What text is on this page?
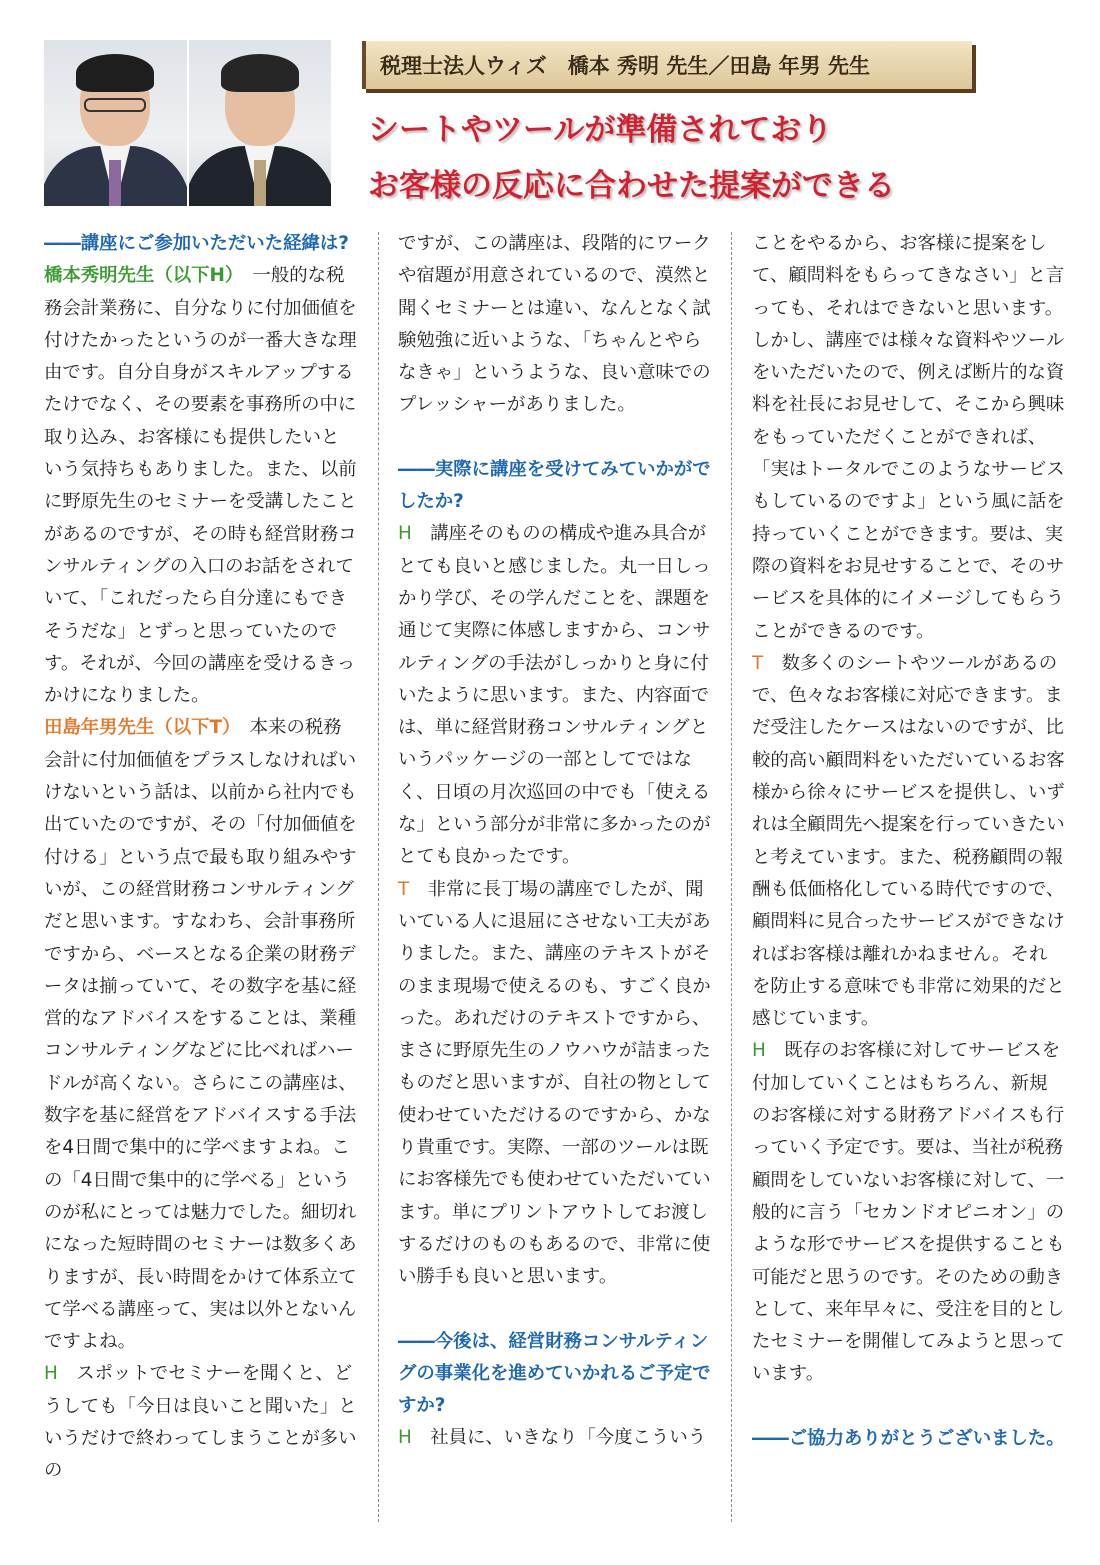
税理士法人ウィズ　橋本 秀明 先生／田島 年男 先生
シートやツールが準備されており
お客様の反応に合わせた提案ができる

――講座にご参加いただいた経緯は?

橋本秀明先生（以下H）　一般的な税務会計業務に、自分なりに付加価値を付けたかったというのが一番大きな理由です。自分自身がスキルアップするたけでなく、その要素を事務所の中に取り込み、お客様にも提供したいという気持ちもありました。また、以前に野原先生のセミナーを受講したことがあるのですが、その時も経営財務コンサルティングの入口のお話をされていて、「これだったら自分達にもできそうだな」とずっと思っていたのです。それが、今回の講座を受けるきっかけになりました。

田島年男先生（以下T）　本来の税務会計に付加価値をプラスしなければいけないという話は、以前から社内でも出ていたのですが、その「付加価値を付ける」という点で最も取り組みやすいが、この経営財務コンサルティングだと思います。すなわち、会計事務所ですから、ベースとなる企業の財務データは揃っていて、その数字を基に経営的なアドバイスをすることは、業種コンサルティングなどに比べればハードルが高くない。さらにこの講座は、数字を基に経営をアドバイスする手法を4日間で集中的に学べますよね。この「4日間で集中的に学べる」というのが私にとっては魅力でした。細切れになった短時間のセミナーは数多くありますが、長い時間をかけて体系立てて学べる講座って、実は以外とないんですよね。

H　スポットでセミナーを聞くと、どうしても「今日は良いこと聞いた」というだけで終わってしまうことが多いの

ですが、この講座は、段階的にワークや宿題が用意されているので、漠然と聞くセミナーとは違い、なんとなく試験勉強に近いような、「ちゃんとやらなきゃ」というような、良い意味でのプレッシャーがありました。

――実際に講座を受けてみていかがでしたか?

H　講座そのものの構成や進み具合がとても良いと感じました。丸一日しっかり学び、その学んだことを、課題を通じて実際に体感しますから、コンサルティングの手法がしっかりと身に付いたように思います。また、内容面では、単に経営財務コンサルティングというパッケージの一部としてではなく、日頃の月次巡回の中でも「使えるな」という部分が非常に多かったのがとても良かったです。

T　非常に長丁場の講座でしたが、聞いている人に退屈にさせない工夫がありました。また、講座のテキストがそのまま現場で使えるのも、すごく良かった。あれだけのテキストですから、まさに野原先生のノウハウが詰まったものだと思いますが、自社の物として使わせていただけるのですから、かなり貴重です。実際、一部のツールは既にお客様先でも使わせていただいています。単にプリントアウトしてお渡しするだけのものもあるので、非常に使い勝手も良いと思います。

――今後は、経営財務コンサルティングの事業化を進めていかれるご予定ですか?

H　社員に、いきなり「今度こういう

ことをやるから、お客様に提案をして、顧問料をもらってきなさい」と言っても、それはできないと思います。しかし、講座では様々な資料やツールをいただいたので、例えば断片的な資料を社長にお見せして、そこから興味をもっていただくことができれば、「実はトータルでこのようなサービスもしているのですよ」という風に話を持っていくことができます。要は、実際の資料をお見せすることで、そのサービスを具体的にイメージしてもらうことができるのです。

T　数多くのシートやツールがあるので、色々なお客様に対応できます。まだ受注したケースはないのですが、比較的高い顧問料をいただいているお客様から徐々にサービスを提供し、いずれは全顧問先へ提案を行っていきたいと考えています。また、税務顧問の報酬も低価格化している時代ですので、顧問料に見合ったサービスができなければお客様は離れかねません。それを防止する意味でも非常に効果的だと感じています。

H　既存のお客様に対してサービスを付加していくことはもちろん、新規のお客様に対する財務アドバイスも行っていく予定です。要は、当社が税務顧問をしていないお客様に対して、一般的に言う「セカンドオピニオン」のような形でサービスを提供することも可能だと思うのです。そのための動きとして、来年早々に、受注を目的としたセミナーを開催してみようと思っています。

――ご協力ありがとうございました。
